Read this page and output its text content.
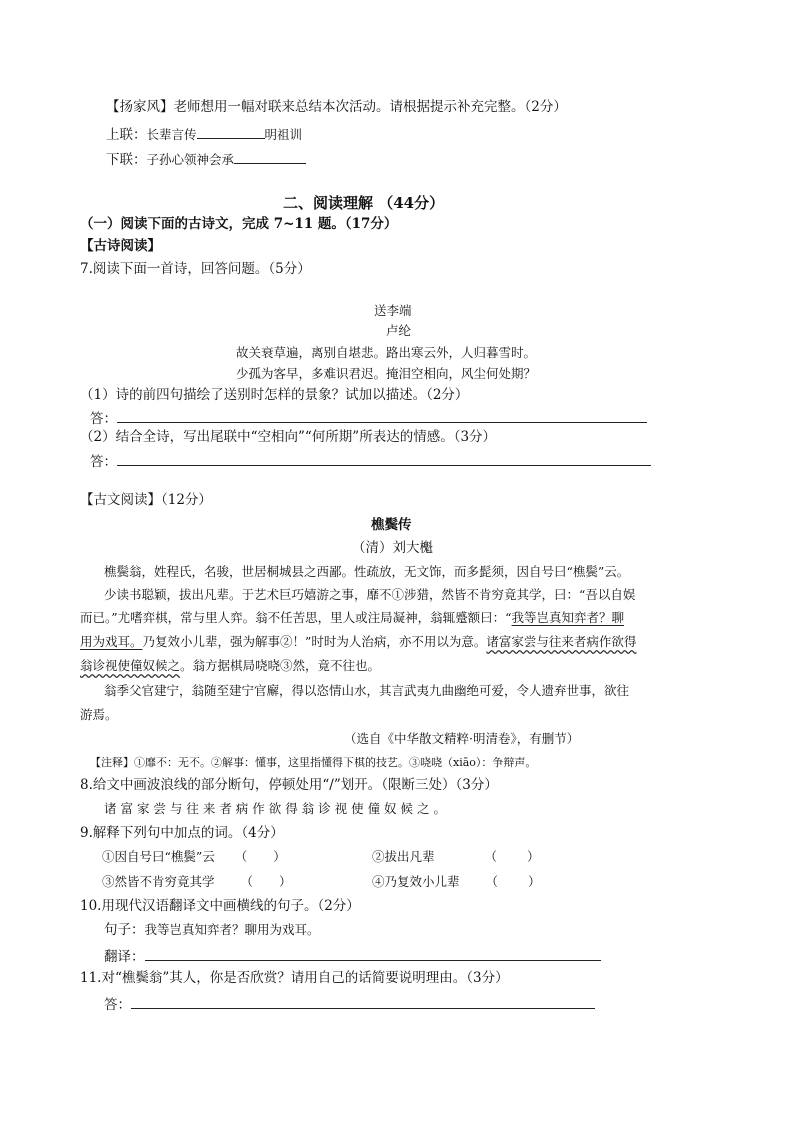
【扬家风】老师想用一幅对联来总结本次活动。请根据提示补充完整。（2分）
上联：长辈言传	明祖训
下联：子孙心领神会承
二、阅读理解 （44分）
（一）阅读下面的古诗文，完成 7~11 题。（17分）
【古诗阅读】
7.阅读下面一首诗，回答问题。（5分）
送李端
卢纶
故关衰草遍，离别自堪悲。路出寒云外，人归暮雪时。
少孤为客早，多难识君迟。掩泪空相向，风尘何处期？
（1）诗的前四句描绘了送别时怎样的景象？试加以描述。（2分）
答：
（2）结合全诗，写出尾联中“空相向”“何所期”所表达的情感。（3分）
答：
【古文阅读】（12分）
樵鬓传
（清）刘大櫆
樵鬓翁，姓程氏，名骏，世居桐城县之西鄙。性疏放，无文饰，而多髭须，因自号曰“樵鬓”云。
少读书聪颖，拔出凡辈。于艺术巨巧嬉游之事，靡不①涉猎，然皆不肯穷竟其学，曰：“吾以自娱
而已。”尤嗜弈棋，常与里人弈。翁不任苦思，里人或注局凝神，翁辄蹙额曰：“我等岂真知弈者？聊
用为戏耳。乃复效小儿辈，强为解事②！”时时为人治病，亦不用以为意。诸富家尝与往来者病作欲得
翁诊视使僮奴候之。翁方据棋局哓哓③然，竟不往也。
翁季父官建宁，翁随至建宁官廨，得以恣情山水，其言武夷九曲幽绝可爱，令人遗弃世事，欲往
游焉。
（选自《中华散文精粹·明清卷》，有删节）
【注释】①靡不：无不。②解事：懂事，这里指懂得下棋的技艺。③哓哓（xiāo）：争辩声。
8.给文中画波浪线的部分断句，停顿处用“/”划开。（限断三处）（3分）
诸 富 家 尝 与 往 来 者 病 作 欲 得 翁 诊 视 使 僮 奴 候 之 。
9.解释下列句中加点的词。（4分）
①因自号曰“樵鬓”云 （ ）	②拔出凡辈	（ ）
③然皆不肯穷竟其学 （ ）	④乃复效小儿辈 （ ）
10.用现代汉语翻译文中画横线的句子。（2分）
句子：我等岂真知弈者？聊用为戏耳。
翻译：
11.对“樵鬓翁”其人，你是否欣赏？请用自己的话简要说明理由。（3分）
答：
